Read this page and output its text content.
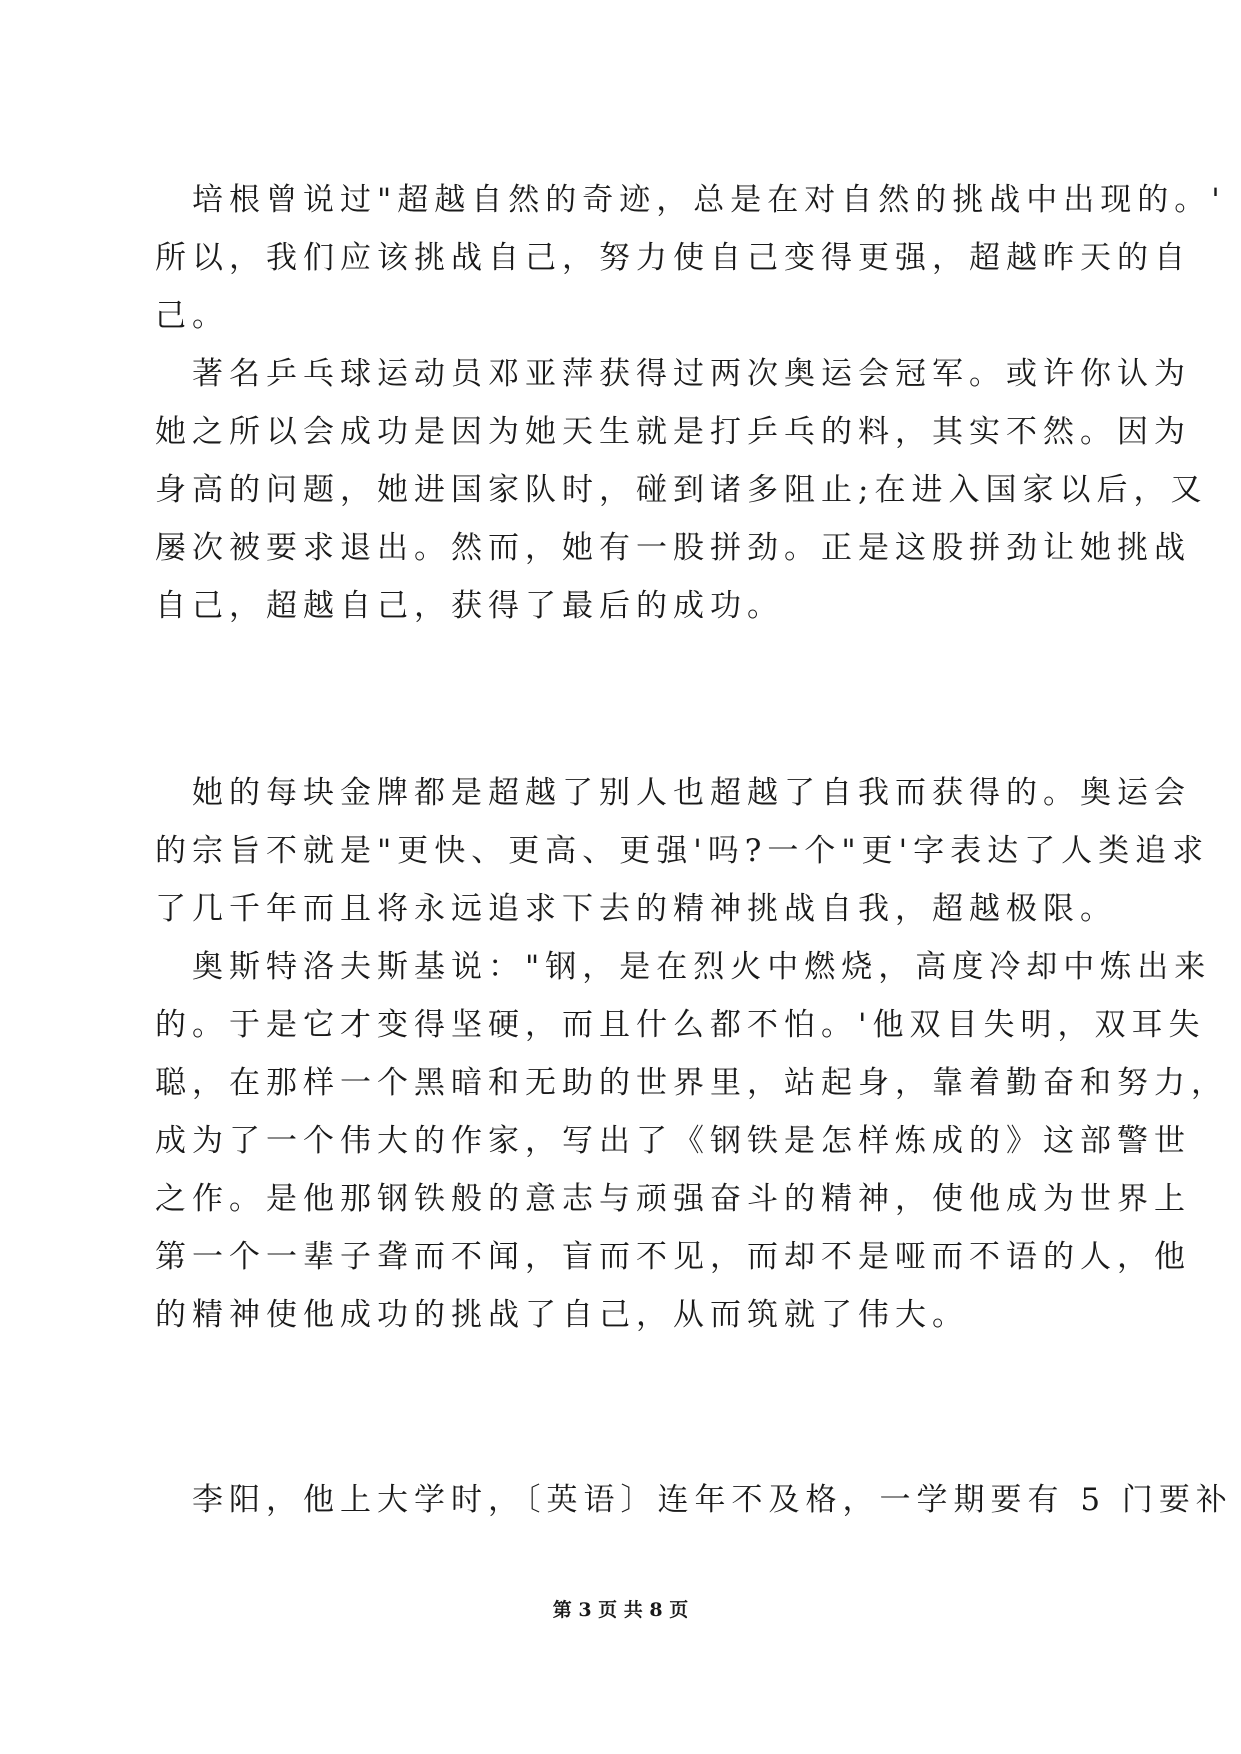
　培根曾说过"超越自然的奇迹，总是在对自然的挑战中出现的。'
所以，我们应该挑战自己，努力使自己变得更强，超越昨天的自
己。
　著名乒乓球运动员邓亚萍获得过两次奥运会冠军。或许你认为
她之所以会成功是因为她天生就是打乒乓的料，其实不然。因为
身高的问题，她进国家队时，碰到诸多阻止;在进入国家以后，又
屡次被要求退出。然而，她有一股拼劲。正是这股拼劲让她挑战
自己，超越自己，获得了最后的成功。
　她的每块金牌都是超越了别人也超越了自我而获得的。奥运会
的宗旨不就是"更快、更高、更强'吗?一个"更'字表达了人类追求
了几千年而且将永远追求下去的精神挑战自我，超越极限。
　奥斯特洛夫斯基说："钢，是在烈火中燃烧，高度冷却中炼出来
的。于是它才变得坚硬，而且什么都不怕。'他双目失明，双耳失
聪，在那样一个黑暗和无助的世界里，站起身，靠着勤奋和努力，
成为了一个伟大的作家，写出了《钢铁是怎样炼成的》这部警世
之作。是他那钢铁般的意志与顽强奋斗的精神，使他成为世界上
第一个一辈子聋而不闻，盲而不见，而却不是哑而不语的人，他
的精神使他成功的挑战了自己，从而筑就了伟大。
　李阳，他上大学时，〔英语〕连年不及格，一学期要有 5 门要补
第 3 页 共 8 页
